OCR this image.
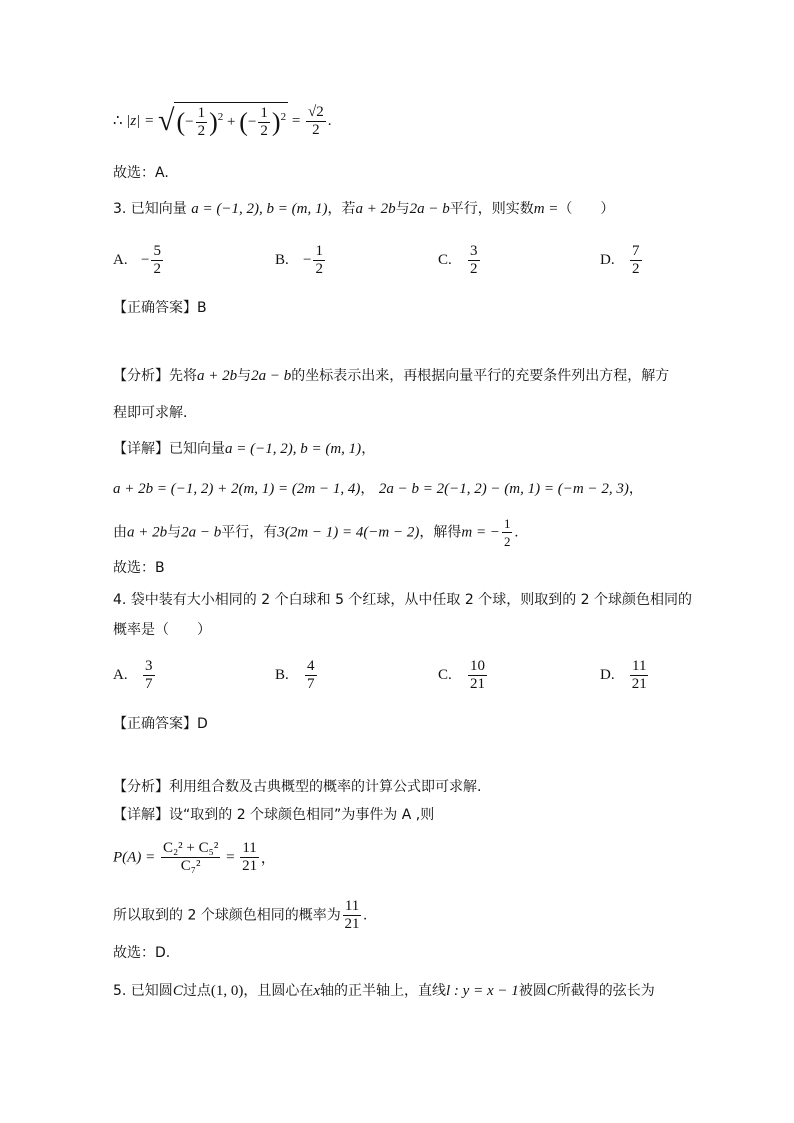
∴ |z| = √(− $\frac{1}{2} )^2$ + (− $\frac{1}{2} )^2 = \frac{√2}{2}$ .
故选：A.
3. 已知向量 a = (−1, 2), b = (m, 1)，若a + 2b与2a − b平行，则实数m =（　　）
A. − $\frac{5}{2}$	B. − $\frac{1}{2}$	C. $\frac{3}{2}$	D. $\frac{7}{2}$
【正确答案】B
【分析】先将a + 2b与2a − b的坐标表示出来，再根据向量平行的充要条件列出方程，解方
程即可求解．
【详解】已知向量a = (−1, 2), b = (m, 1)，
a + 2b = (−1, 2) + 2(m, 1) = (2m − 1, 4)， 2a − b = 2(−1, 2) − (m, 1) = (−m − 2, 3)，
由a + 2b与2a − b平行，有3(2m − 1) = 4(−m − 2)，解得m = − $\frac{1}{2}$ .
故选：B
4. 袋中装有大小相同的 2 个白球和 5 个红球，从中任取 2 个球，则取到的 2 个球颜色相同的
概率是（　　）
A. $\frac{3}{7}$	B. $\frac{4}{7}$	C. $\frac{10}{21}$	D. $\frac{11}{21}$
【正确答案】D
【分析】利用组合数及古典概型的概率的计算公式即可求解.
【详解】设“取到的 2 个球颜色相同”为事件为 A ,则
$P(A) = \frac{\text{C₂² + C₅²}}{\text{C₇²}} = \frac{11}{21}$ ，
所以取到的 2 个球颜色相同的概率为 $\frac{11}{21}$ .
故选：D.
5. 已知圆C过点(1, 0)，且圆心在x轴的正半轴上，直线l : y = x − 1被圆C所截得的弦长为
